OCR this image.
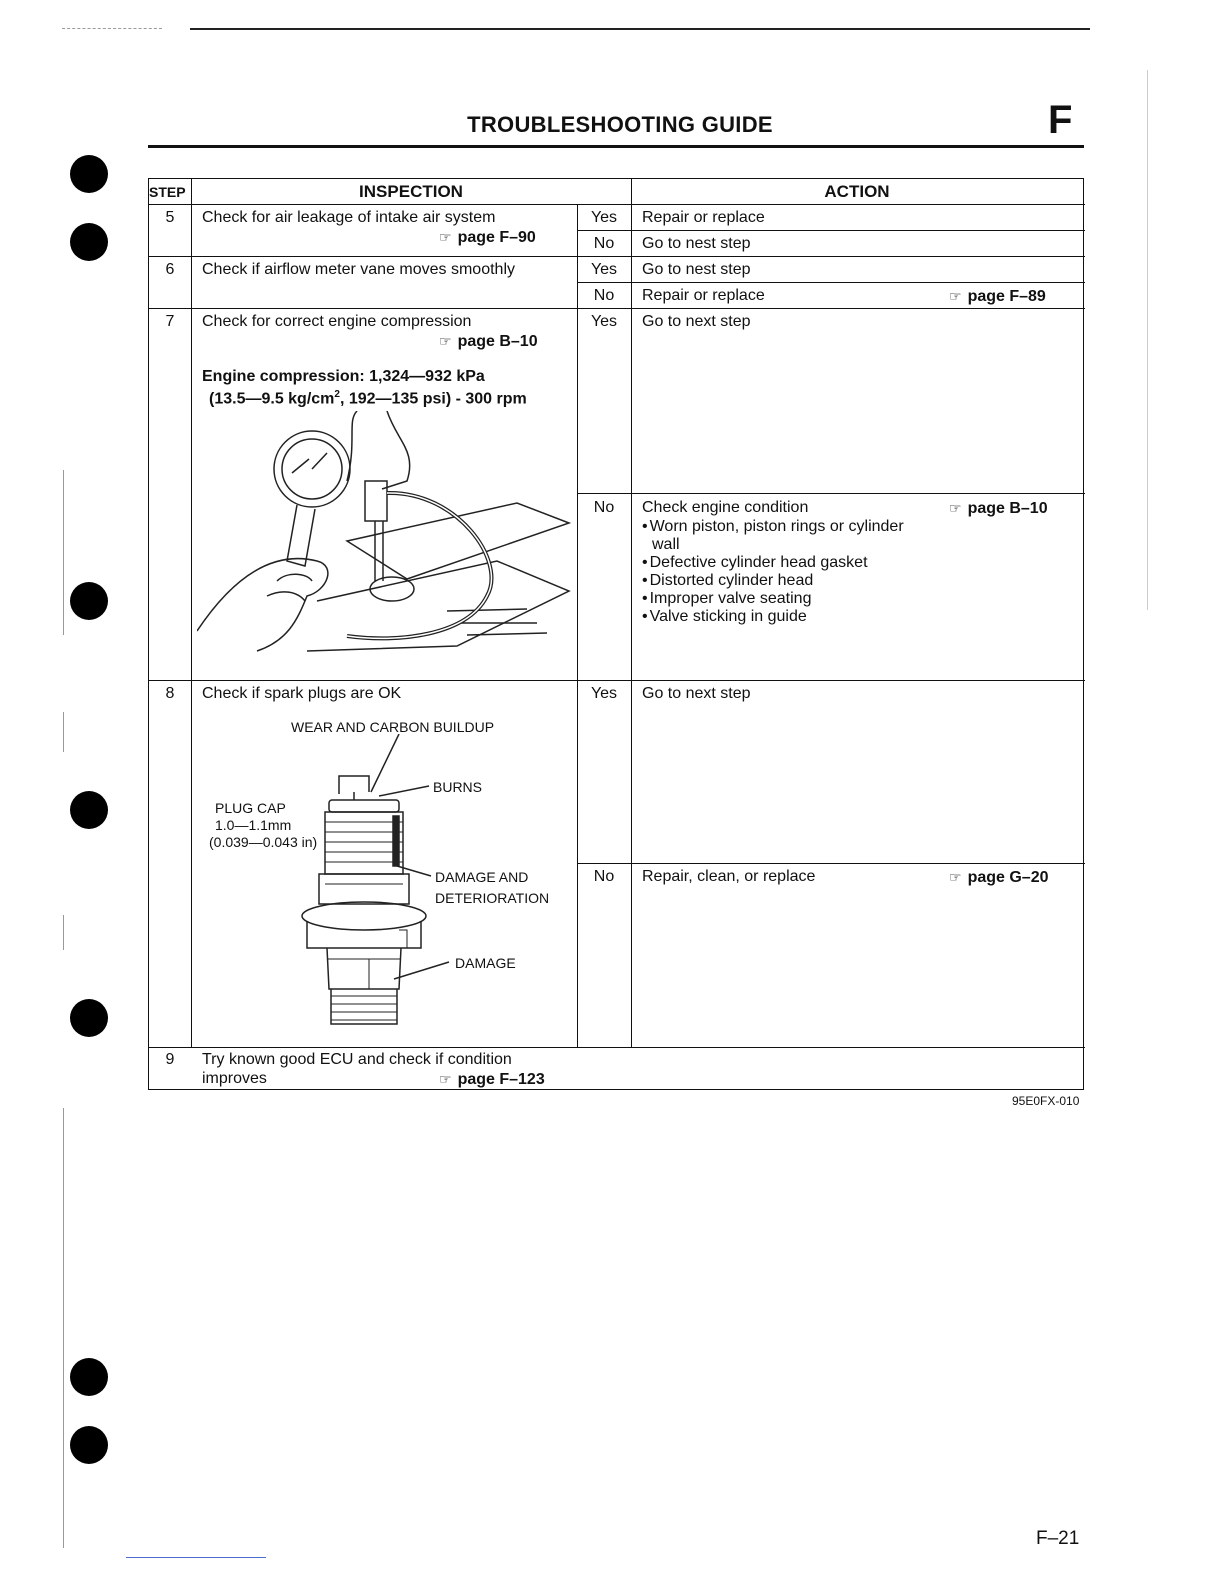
TROUBLESHOOTING GUIDE	F
STEP	INSPECTION	ACTION
5	Check for air leakage of intake air system
☞ page F–90
Yes	Repair or replace
No	Go to nest step
6	Check if airflow meter vane moves smoothly	Yes	Go to nest step
No	Repair or replace	☞ page F–89
7	Check for correct engine compression
☞ page B–10
Engine compression: 1,324—932 kPa
(13.5—9.5 $kg/cm^2$, 192—135 psi) - 300 rpm
Yes	Go to next step
No	Check engine condition	☞ page B–10
• Worn piston, piston rings or cylinder
wall
• Defective cylinder head gasket
• Distorted cylinder head
• Improper valve seating
• Valve sticking in guide
8	Check if spark plugs are OK
WEAR AND CARBON BUILDUP
BURNS
PLUG CAP
1.0—1.1mm
(0.039—0.043 in)
DAMAGE AND
DETERIORATION
DAMAGE
Yes	Go to next step
No	Repair, clean, or replace	☞ page G–20
9	Try known good ECU and check if condition
improves	☞ page F–123
95E0FX-010
F–21
